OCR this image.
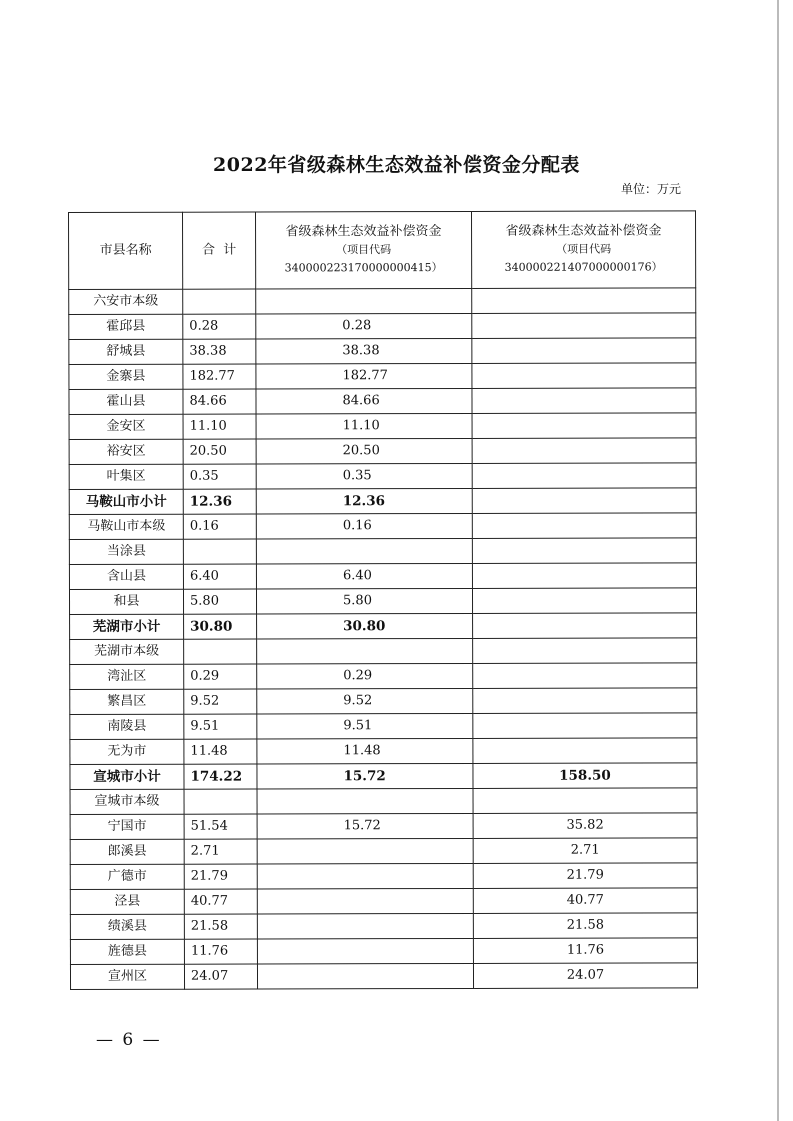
2022年省级森林生态效益补偿资金分配表
单位：万元
市县名称	合  计	省级森林生态效益补偿资金
（项目代码
340000223170000000415）	省级森林生态效益补偿资金
（项目代码
340000221407000000176）

六安市本级			
霍邱县	0.28	0.28	
舒城县	38.38	38.38	
金寨县	182.77	182.77	
霍山县	84.66	84.66	
金安区	11.10	11.10	
裕安区	20.50	20.50	
叶集区	0.35	0.35	
马鞍山市小计	12.36	12.36	
马鞍山市本级	0.16	0.16	
当涂县			
含山县	6.40	6.40	
和县	5.80	5.80	
芜湖市小计	30.80	30.80	
芜湖市本级			
湾沚区	0.29	0.29	
繁昌区	9.52	9.52	
南陵县	9.51	9.51	
无为市	11.48	11.48	
宣城市小计	174.22	15.72	158.50
宣城市本级			
宁国市	51.54	15.72	35.82
郎溪县	2.71		2.71
广德市	21.79		21.79
泾县	40.77		40.77
绩溪县	21.58		21.58
旌德县	11.76		11.76
宣州区	24.07		24.07
— 6 —
